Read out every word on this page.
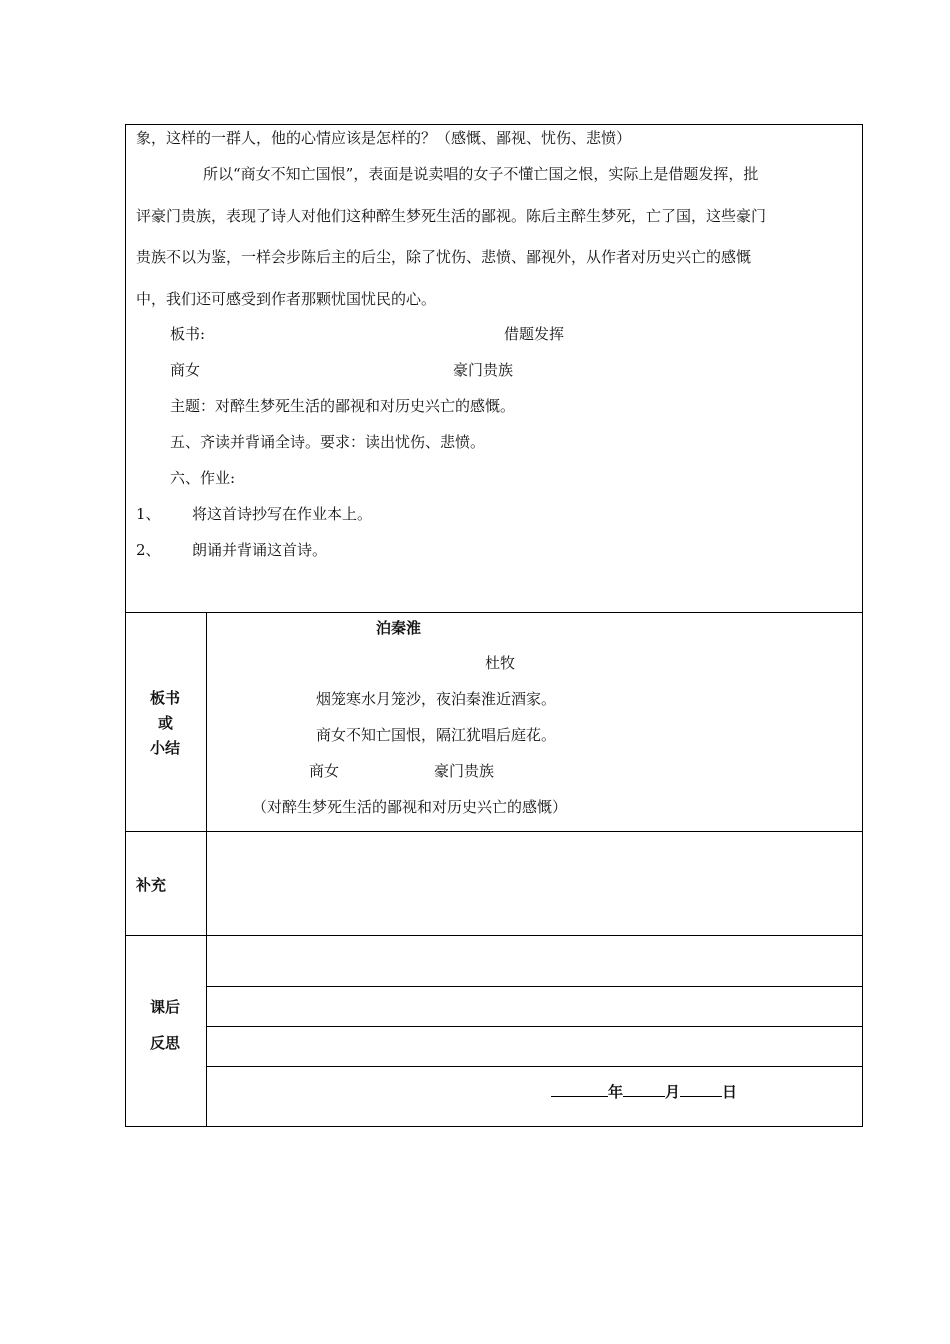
象，这样的一群人，他的心情应该是怎样的？（感慨、鄙视、忧伤、悲愤）
所以“商女不知亡国恨”，表面是说卖唱的女子不懂亡国之恨，实际上是借题发挥，批
评豪门贵族，表现了诗人对他们这种醉生梦死生活的鄙视。陈后主醉生梦死，亡了国，这些豪门
贵族不以为鉴，一样会步陈后主的后尘，除了忧伤、悲愤、鄙视外，从作者对历史兴亡的感慨
中，我们还可感受到作者那颗忧国忧民的心。
板书:	借题发挥
商女	豪门贵族
主题：对醉生梦死生活的鄙视和对历史兴亡的感慨。
五、齐读并背诵全诗。要求：读出忧伤、悲愤。
六、作业:
1、 将这首诗抄写在作业本上。
2、 朗诵并背诵这首诗。
板书
或
小结
泊秦淮
杜牧
烟笼寒水月笼沙，夜泊秦淮近酒家。
商女不知亡国恨，隔江犹唱后庭花。
商女	豪门贵族
（对醉生梦死生活的鄙视和对历史兴亡的感慨）
补充
课后
反思
年	月	日
